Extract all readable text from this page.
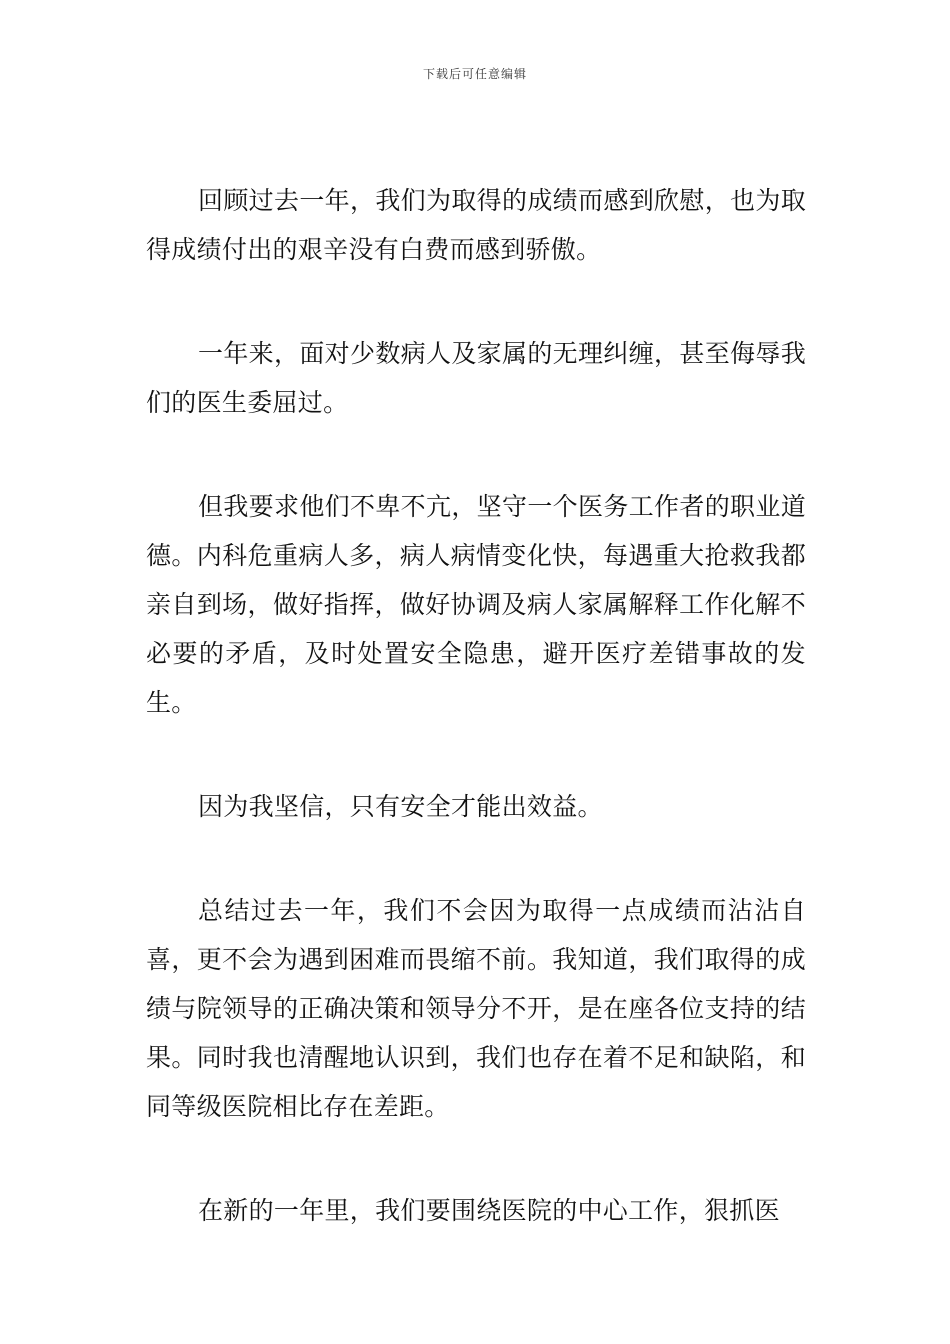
下载后可任意编辑

回顾过去一年，我们为取得的成绩而感到欣慰，也为取得成绩付出的艰辛没有白费而感到骄傲。

一年来，面对少数病人及家属的无理纠缠，甚至侮辱我们的医生委屈过。

但我要求他们不卑不亢，坚守一个医务工作者的职业道德。内科危重病人多，病人病情变化快，每遇重大抢救我都亲自到场，做好指挥，做好协调及病人家属解释工作化解不必要的矛盾，及时处置安全隐患，避开医疗差错事故的发生。

因为我坚信，只有安全才能出效益。

总结过去一年，我们不会因为取得一点成绩而沾沾自喜，更不会为遇到困难而畏缩不前。我知道，我们取得的成绩与院领导的正确决策和领导分不开，是在座各位支持的结果。同时我也清醒地认识到，我们也存在着不足和缺陷，和同等级医院相比存在差距。

在新的一年里，我们要围绕医院的中心工作，狠抓医
